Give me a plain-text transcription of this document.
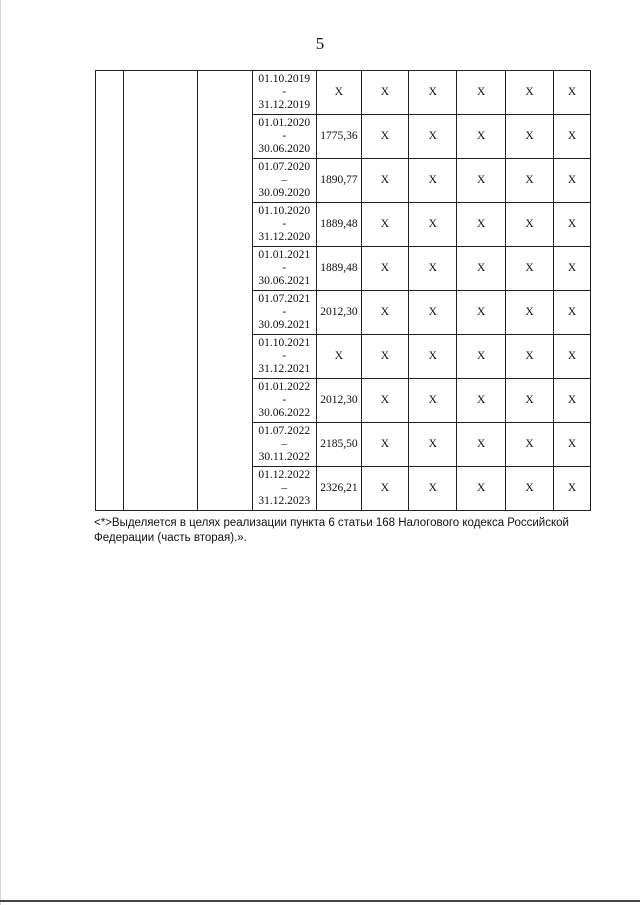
5

			01.10.2019
-
31.12.2019	X	X	X	X	X	X

			01.01.2020
-
30.06.2020	1775,36	X	X	X	X	X

			01.07.2020
–
30.09.2020	1890,77	X	X	X	X	X

			01.10.2020
-
31.12.2020	1889,48	X	X	X	X	X

			01.01.2021
-
30.06.2021	1889,48	X	X	X	X	X

			01.07.2021
-
30.09.2021	2012,30	X	X	X	X	X

			01.10.2021
-
31.12.2021	X	X	X	X	X	X

			01.01.2022
-
30.06.2022	2012,30	X	X	X	X	X

			01.07.2022
–
30.11.2022	2185,50	X	X	X	X	X

			01.12.2022
–
31.12.2023	2326,21	X	X	X	X	X
<*>Выделяется в целях реализации пункта 6 статьи 168 Налогового кодекса Российской Федерации (часть вторая).».
